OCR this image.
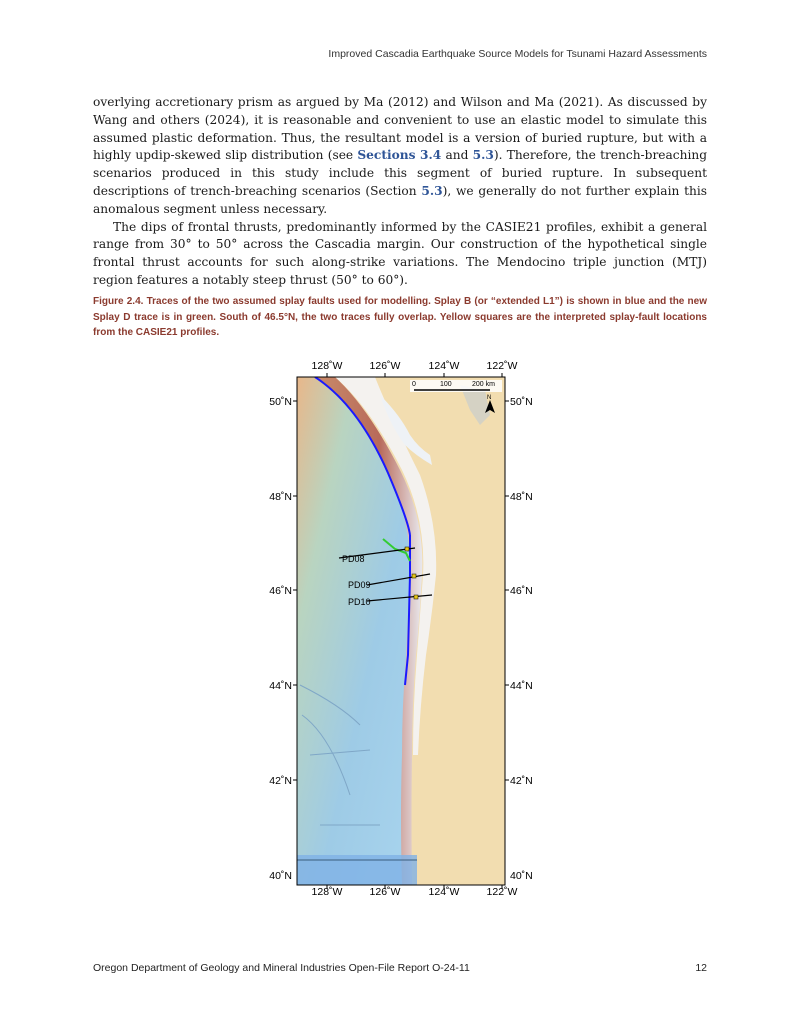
Improved Cascadia Earthquake Source Models for Tsunami Hazard Assessments

overlying accretionary prism as argued by Ma (2012) and Wilson and Ma (2021). As discussed by Wang and others (2024), it is reasonable and convenient to use an elastic model to simulate this assumed plastic deformation. Thus, the resultant model is a version of buried rupture, but with a highly updip-skewed slip distribution (see Sections 3.4 and 5.3). Therefore, the trench-breaching scenarios produced in this study include this segment of buried rupture. In subsequent descriptions of trench-breaching scenarios (Section 5.3), we generally do not further explain this anomalous segment unless necessary.

The dips of frontal thrusts, predominantly informed by the CASIE21 profiles, exhibit a general range from 30° to 50° across the Cascadia margin. Our construction of the hypothetical single frontal thrust accounts for such along-strike variations. The Mendocino triple junction (MTJ) region features a notably steep thrust (50° to 60°).

Figure 2.4. Traces of the two assumed splay faults used for modelling. Splay B (or “extended L1”) is shown in blue and the new Splay D trace is in green. South of 46.5°N, the two traces fully overlap. Yellow squares are the interpreted splay-fault locations from the CASIE21 profiles.
PD08
PD09
PD10
0	100	200 km
N
128˚W	126˚W	124˚W	122˚W
128˚W	126˚W	124˚W	122˚W
50˚N
48˚N
46˚N
44˚N
42˚N
40˚N
50˚N
48˚N
46˚N
44˚N
42˚N
40˚N
Oregon Department of Geology and Mineral Industries Open-File Report O-24-11	12
